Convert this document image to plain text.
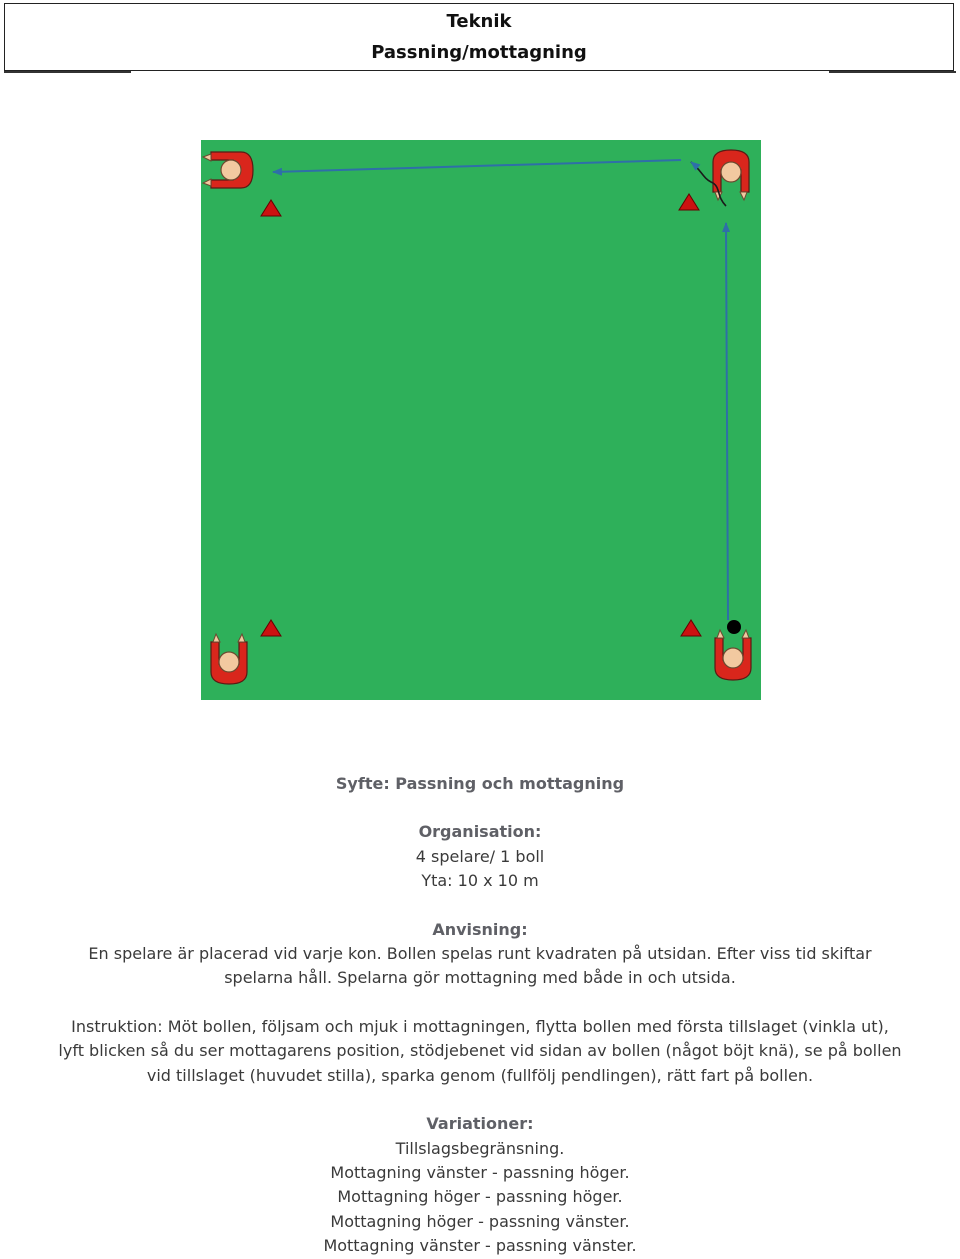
Teknik
Passning/mottagning
Syfte: Passning och mottagning
Organisation:
4 spelare/ 1 boll
Yta: 10 x 10 m
Anvisning:
En spelare är placerad vid varje kon. Bollen spelas runt kvadraten på utsidan. Efter viss tid skiftar
spelarna håll. Spelarna gör mottagning med både in och utsida.
Instruktion: Möt bollen, följsam och mjuk i mottagningen, flytta bollen med första tillslaget (vinkla ut),
lyft blicken så du ser mottagarens position, stödjebenet vid sidan av bollen (något böjt knä), se på bollen
vid tillslaget (huvudet stilla), sparka genom (fullfölj pendlingen), rätt fart på bollen.
Variationer:
Tillslagsbegränsning.
Mottagning vänster - passning höger.
Mottagning höger - passning höger.
Mottagning höger - passning vänster.
Mottagning vänster - passning vänster.
